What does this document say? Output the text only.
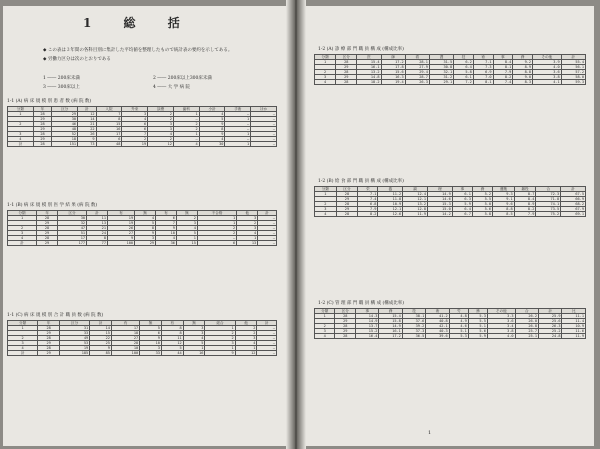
1 総 括
◆ この表は３年間の各科目別に集計した平均値を整理したもので統計表の要約を示してある。
◆ 労働力区分は次のとおりである
1 ―― 200床未満	2 ―― 200床以上300床未満
3 ―― 300床以上	4 ―― 大 学 病 院
1-1 (A) 病 床 規 模 別 患 者 数 (病 院 数)
分類	年	区分	計	入院	外来	診療	歯科	小計	手術	ほか
1	28	29	12	7	3	2	1	4	—	—
	29	30	14	8	4	2	—	5	1	—
2	28	46	21	15	6	3	2	9	—	—
	29	48	22	16	6	3	2	8	—	—
3	28	52	26	17	7	4	1	9	1	—
4	29	18	9	6	2	2	—	4	—	—
計	28	151	73	48	19	12	4	30	1	—
1-1 (B) 病 床 規 模 別 医 学 結 果 (病 院 数)
分類	年	区分	計	有	無	有	無	不合格	他	計
1	28	30	11	19	4	6	2	1	3	—
	29	32	13	19	5	7	3	1	2	—
2	28	47	21	26	8	9	4	2	3	—
3	29	51	24	27	9	10	5	2	4	—
4	28	17	8	9	3	4	1	—	1	—
計	29	177	77	100	29	36	15	6	13	—
1-1 (C) 病 床 規 模 別 合 計 職 員 数 (病 院 数)
分類	年	区分	計	有	無	有	無	総合	他	計
1	28	31	14	17	5	8	3	1	2	—
	29	33	15	18	6	8	3	2	2	—
2	28	49	22	27	9	11	4	2	3	—
3	29	53	25	28	10	12	5	3	4	—
4	28	19	9	10	3	5	1	1	1	—
計	29	185	85	100	33	44	16	9	12	—
1-2 (A) 診 療 部 門 職 員 構 成 (構成比率)
分類	区分	医	師	看	護	技	術	事	務	その他	計
1	28	15.4	17.2	28.1	31.5	6.2	7.1	8.4	9.2	3.9	55.4
	29	16.1	17.8	27.9	30.8	6.4	7.3	8.1	8.9	4.0	56.1
2	28	13.2	15.6	29.4	32.1	5.8	6.9	7.9	8.8	3.6	57.2
3	29	14.8	16.3	28.7	31.2	6.1	7.0	8.2	9.0	3.8	58.0
4	28	18.2	19.4	26.3	29.1	7.2	8.1	7.4	8.3	4.1	59.3
1-2 (B) 給 食 部 門 職 員 構 成 (構成比率)
分類	区分	栄	養	調	理	事	務	運搬	雑役	合	計
1	28	7.1	11.2	12.4	14.9	6.1	5.2	9.3	8.7	72.3	67.5
	29	7.4	11.8	12.1	14.6	6.3	5.5	9.1	8.4	71.8	66.9
2	28	6.8	10.9	13.2	15.3	5.9	5.0	9.6	8.9	74.1	68.2
3	29	7.9	12.1	12.8	15.0	6.4	5.6	8.8	8.2	73.5	67.9
4	28	8.2	12.6	11.9	14.2	6.7	5.8	8.5	7.9	75.2	69.1
1-2 (C) 管 理 部 門 職 員 構 成 (構成比率)
分類	区分	事	務	技	術	労	務	その他	合	計	比
1	28	14.3	15.4	38.1	41.2	4.8	5.3	3.3	26.2	25.9	11.1
	29	14.9	15.8	37.6	40.8	4.9	5.5	3.6	26.0	25.6	11.4
2	28	13.7	14.9	39.2	42.1	4.6	5.1	3.4	26.8	26.3	10.9
3	29	15.2	16.1	37.3	40.3	5.1	5.6	3.8	25.7	25.2	11.6
4	28	16.4	17.2	36.5	39.6	5.3	5.9	4.0	25.1	24.8	11.9
1
